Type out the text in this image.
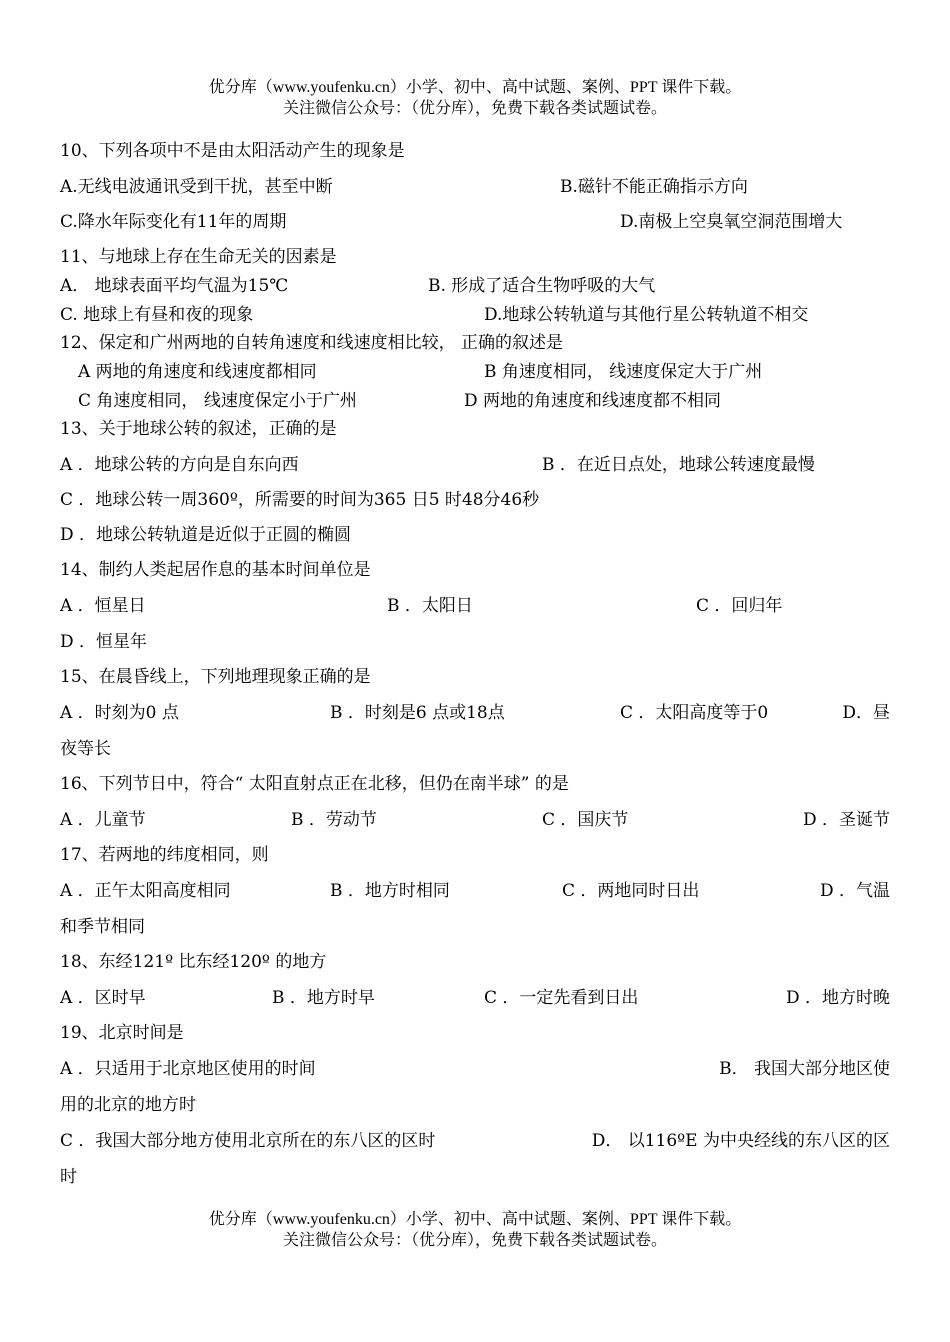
优分库（www.youfenku.cn）小学、初中、高中试题、案例、PPT 课件下载。
关注微信公众号：（优分库），免费下载各类试题试卷。
10、下列各项中不是由太阳活动产生的现象是
A.无线电波通讯受到干扰，甚至中断	B.磁针不能正确指示方向
C.降水年际变化有11年的周期	D.南极上空臭氧空洞范围增大
11、与地球上存在生命无关的因素是
A． 地球表面平均气温为15℃	B. 形成了适合生物呼吸的大气
C. 地球上有昼和夜的现象	D.地球公转轨道与其他行星公转轨道不相交
12、保定和广州两地的自转角速度和线速度相比较， 正确的叙述是
A 两地的角速度和线速度都相同	B 角速度相同， 线速度保定大于广州
C 角速度相同， 线速度保定小于广州	D 两地的角速度和线速度都不相同
13、关于地球公转的叙述，正确的是
A ．地球公转的方向是自东向西	B ．在近日点处，地球公转速度最慢
C ．地球公转一周360º，所需要的时间为365 日5 时48分46秒
D ．地球公转轨道是近似于正圆的椭圆
14、制约人类起居作息的基本时间单位是
A ．恒星日	B ．太阳日	C ．回归年
D ．恒星年
15、在晨昏线上，下列地理现象正确的是
A ．时刻为0 点	B ．时刻是6 点或18点	C ．太阳高度等于0	D．昼
夜等长
16、下列节日中，符合“ 太阳直射点正在北移，但仍在南半球” 的是
A ．儿童节	B ．劳动节	C ．国庆节	D ．圣诞节
17、若两地的纬度相同，则
A ．正午太阳高度相同	B ．地方时相同	C ．两地同时日出	D ．气温
和季节相同
18、东经121º 比东经120º 的地方
A ．区时早	B ．地方时早	C ．一定先看到日出	D ．地方时晚
19、北京时间是
A ．只适用于北京地区使用的时间	B． 我国大部分地区使
用的北京的地方时
C ．我国大部分地方使用北京所在的东八区的区时	D． 以116ºE 为中央经线的东八区的区
时
优分库（www.youfenku.cn）小学、初中、高中试题、案例、PPT 课件下载。
关注微信公众号：（优分库），免费下载各类试题试卷。
